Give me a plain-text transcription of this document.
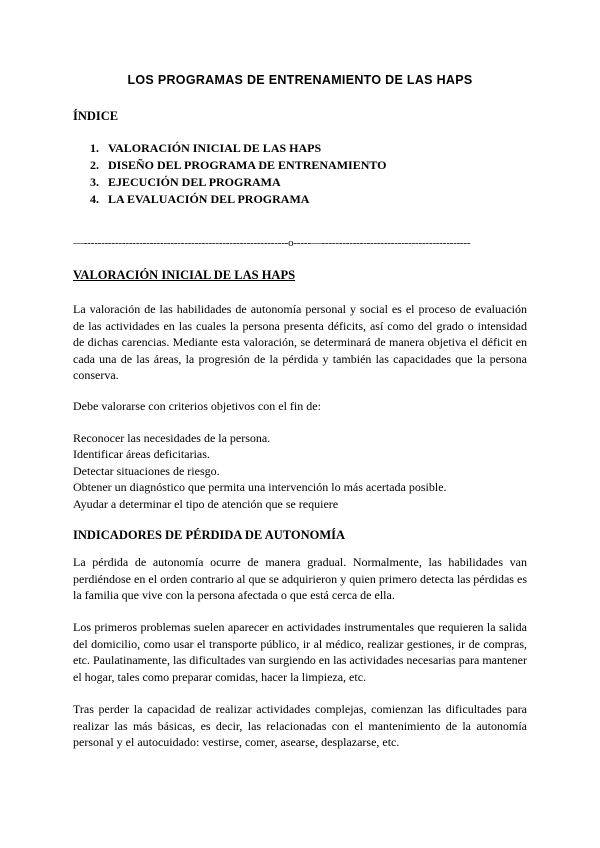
LOS PROGRAMAS DE ENTRENAMIENTO DE LAS HAPS
ÍNDICE
1. VALORACIÓN INICIAL DE LAS HAPS
2. DISEÑO DEL PROGRAMA DE ENTRENAMIENTO
3. EJECUCIÓN DEL PROGRAMA
4. LA EVALUACIÓN DEL PROGRAMA
—-----------------------------------------------------------o-----—-------------------------------------------
VALORACIÓN INICIAL DE LAS HAPS

La valoración de las habilidades de autonomía personal y social es el proceso de evaluación de las actividades en las cuales la persona presenta déficits, así como del grado o intensidad de dichas carencias. Mediante esta valoración, se determinará de manera objetiva el déficit en cada una de las áreas, la progresión de la pérdida y también las capacidades que la persona conserva.

Debe valorarse con criterios objetivos con el fin de:

Reconocer las necesidades de la persona.
Identificar áreas deficitarias.
Detectar situaciones de riesgo.
Obtener un diagnóstico que permita una intervención lo más acertada posible.
Ayudar a determinar el tipo de atención que se requiere
INDICADORES DE PÉRDIDA DE AUTONOMÍA

La pérdida de autonomía ocurre de manera gradual. Normalmente, las habilidades van perdiéndose en el orden contrario al que se adquirieron y quien primero detecta las pérdidas es la familia que vive con la persona afectada o que está cerca de ella.

Los primeros problemas suelen aparecer en actividades instrumentales que requieren la salida del domicilio, como usar el transporte público, ir al médico, realizar gestiones, ir de compras, etc. Paulatinamente, las dificultades van surgiendo en las actividades necesarias para mantener el hogar, tales como preparar comidas, hacer la limpieza, etc.

Tras perder la capacidad de realizar actividades complejas, comienzan las dificultades para realizar las más básicas, es decir, las relacionadas con el mantenimiento de la autonomía personal y el autocuidado: vestirse, comer, asearse, desplazarse, etc.
